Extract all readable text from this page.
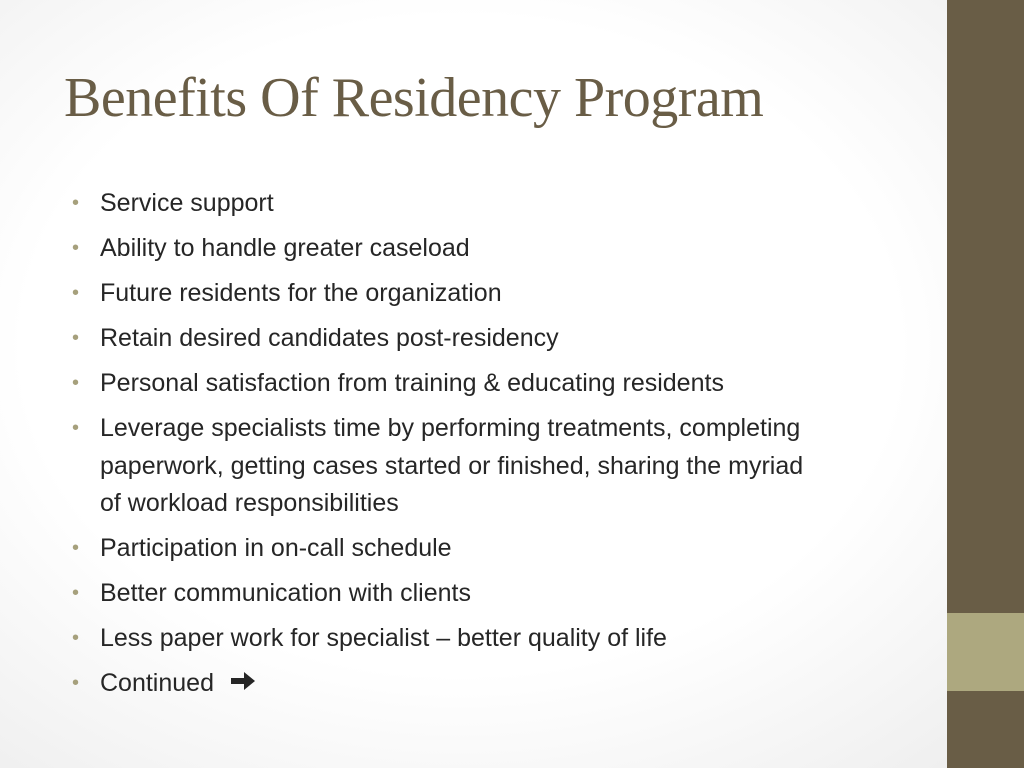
Benefits Of Residency Program
• Service support
• Ability to handle greater caseload
• Future residents for the organization
• Retain desired candidates post-residency
• Personal satisfaction from training & educating residents
• Leverage specialists time by performing treatments, completing paperwork, getting cases started or finished, sharing the myriad of workload responsibilities
• Participation in on-call schedule
• Better communication with clients
• Less paper work for specialist – better quality of life
• Continued
